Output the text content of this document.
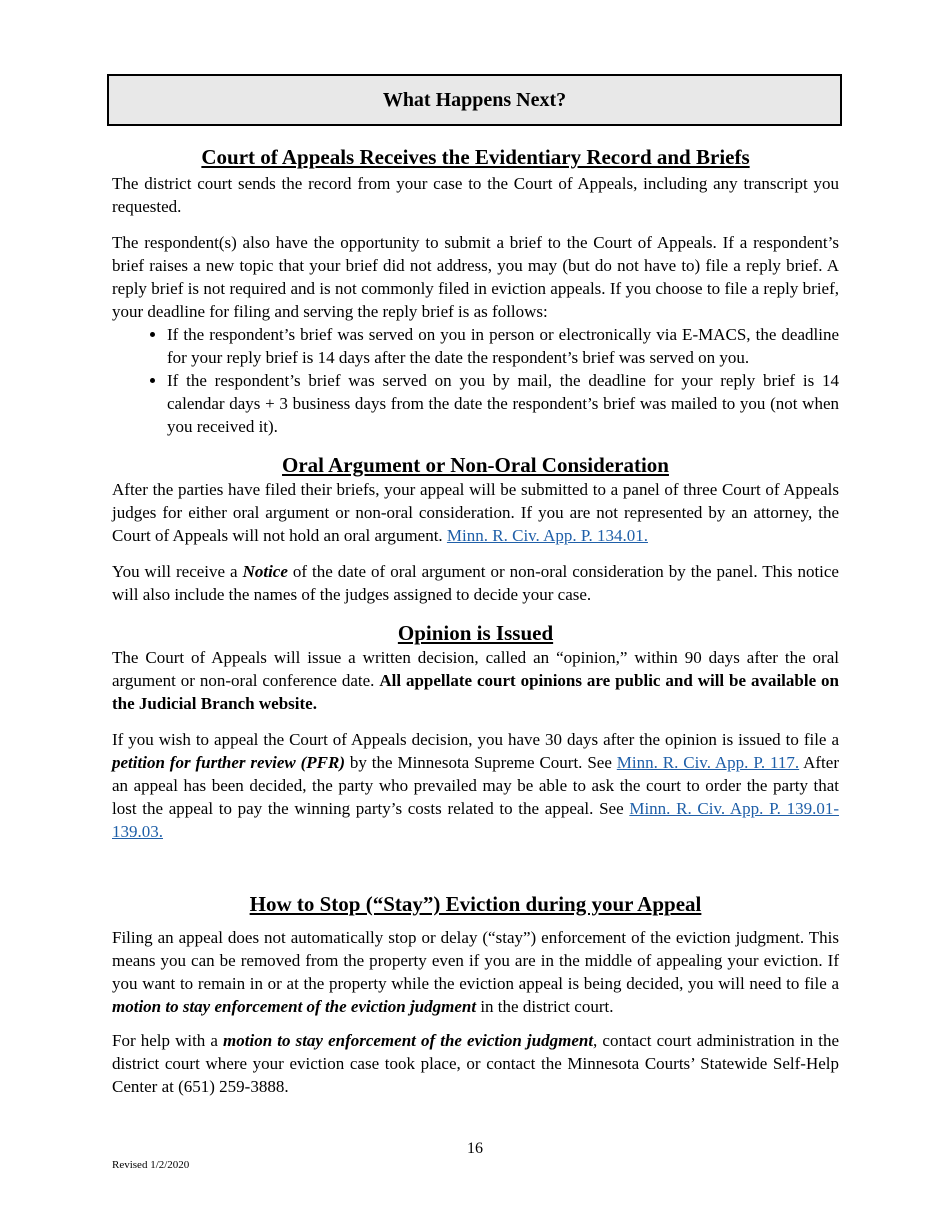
What Happens Next?
Court of Appeals Receives the Evidentiary Record and Briefs

The district court sends the record from your case to the Court of Appeals, including any transcript you requested.

The respondent(s) also have the opportunity to submit a brief to the Court of Appeals. If a respondent’s brief raises a new topic that your brief did not address, you may (but do not have to) file a reply brief. A reply brief is not required and is not commonly filed in eviction appeals. If you choose to file a reply brief, your deadline for filing and serving the reply brief is as follows:

• If the respondent’s brief was served on you in person or electronically via E-MACS, the deadline for your reply brief is 14 days after the date the respondent’s brief was served on you.
• If the respondent’s brief was served on you by mail, the deadline for your reply brief is 14 calendar days + 3 business days from the date the respondent’s brief was mailed to you (not when you received it).
Oral Argument or Non-Oral Consideration

After the parties have filed their briefs, your appeal will be submitted to a panel of three Court of Appeals judges for either oral argument or non-oral consideration. If you are not represented by an attorney, the Court of Appeals will not hold an oral argument. Minn. R. Civ. App. P. 134.01.

You will receive a Notice of the date of oral argument or non-oral consideration by the panel. This notice will also include the names of the judges assigned to decide your case.

Opinion is Issued

The Court of Appeals will issue a written decision, called an “opinion,” within 90 days after the oral argument or non-oral conference date. All appellate court opinions are public and will be available on the Judicial Branch website.

If you wish to appeal the Court of Appeals decision, you have 30 days after the opinion is issued to file a petition for further review (PFR) by the Minnesota Supreme Court. See Minn. R. Civ. App. P. 117. After an appeal has been decided, the party who prevailed may be able to ask the court to order the party that lost the appeal to pay the winning party’s costs related to the appeal. See Minn. R. Civ. App. P. 139.01-139.03.

How to Stop (“Stay”) Eviction during your Appeal

Filing an appeal does not automatically stop or delay (“stay”) enforcement of the eviction judgment. This means you can be removed from the property even if you are in the middle of appealing your eviction. If you want to remain in or at the property while the eviction appeal is being decided, you will need to file a motion to stay enforcement of the eviction judgment in the district court.

For help with a motion to stay enforcement of the eviction judgment, contact court administration in the district court where your eviction case took place, or contact the Minnesota Courts’ Statewide Self-Help Center at (651) 259-3888.

16
Revised 1/2/2020
